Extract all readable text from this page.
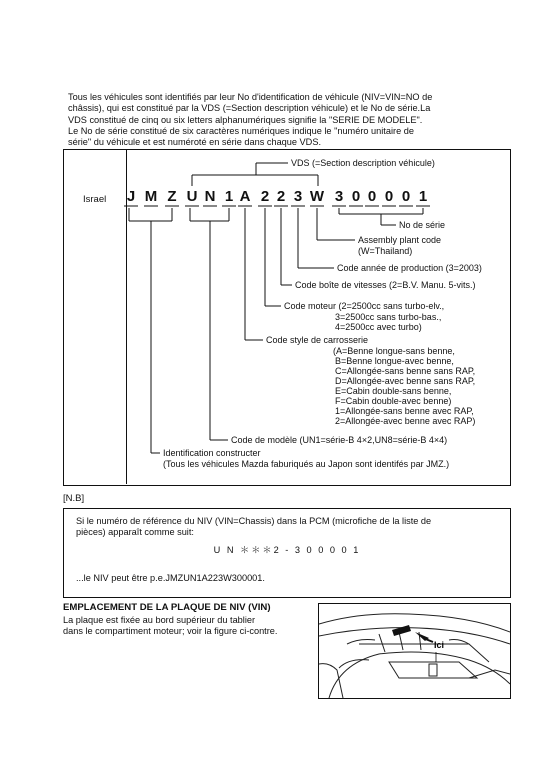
Tous les véhicules sont identifiés par leur No d'identification de véhicule (NIV=VIN=NO de
châssis), qui est constitué par la VDS (=Section description véhicule) et le No de série.La
VDS constitué de cinq ou six letters alphanumériques signifie la "SERIE DE MODELE".
Le No de série constitué de six caractères numériques indique le "numéro unitaire de
série" du véhicule et est numéroté en série dans chaque VDS.

Israel	J M Z U N 1 A 2 2 3 W 3 0 0 0 0 1

VDS (=Section description véhicule)

No de série

Assembly plant code

(W=Thailand)

Code année de production (3=2003)

Code boîte de vitesses (2=B.V. Manu. 5-vits.)

Code moteur (2=2500cc sans turbo-elv.,

3=2500cc sans turbo-bas.,

4=2500cc avec turbo)

Code style de carrosserie

(A=Benne longue-sans benne,

B=Benne longue-avec benne,

C=Allongée-sans benne sans RAP,

D=Allongée-avec benne sans RAP,

E=Cabin double-sans benne,

F=Cabin double-avec benne)

1=Allongée-sans benne avec RAP,

2=Allongée-avec benne avec RAP)

Code de modèle (UN1=série-B 4×2,UN8=série-B 4×4)

Identification constructer

(Tous les véhicules Mazda faburiqués au Japon sont identifés par JMZ.)

[N.B]

Si le numéro de référence du NIV (VIN=Chassis) dans la PCM (microfiche de la liste de
pièces) apparaît comme suit:

U N ＊＊＊2 - 3 0 0 0 0 1

...le NIV peut être p.e.JMZUN1A223W300001.

EMPLACEMENT DE LA PLAQUE DE NIV (VIN)

La plaque est fixée au bord supérieur du tablier
dans le compartiment moteur; voir la figure ci-contre.
Ici
